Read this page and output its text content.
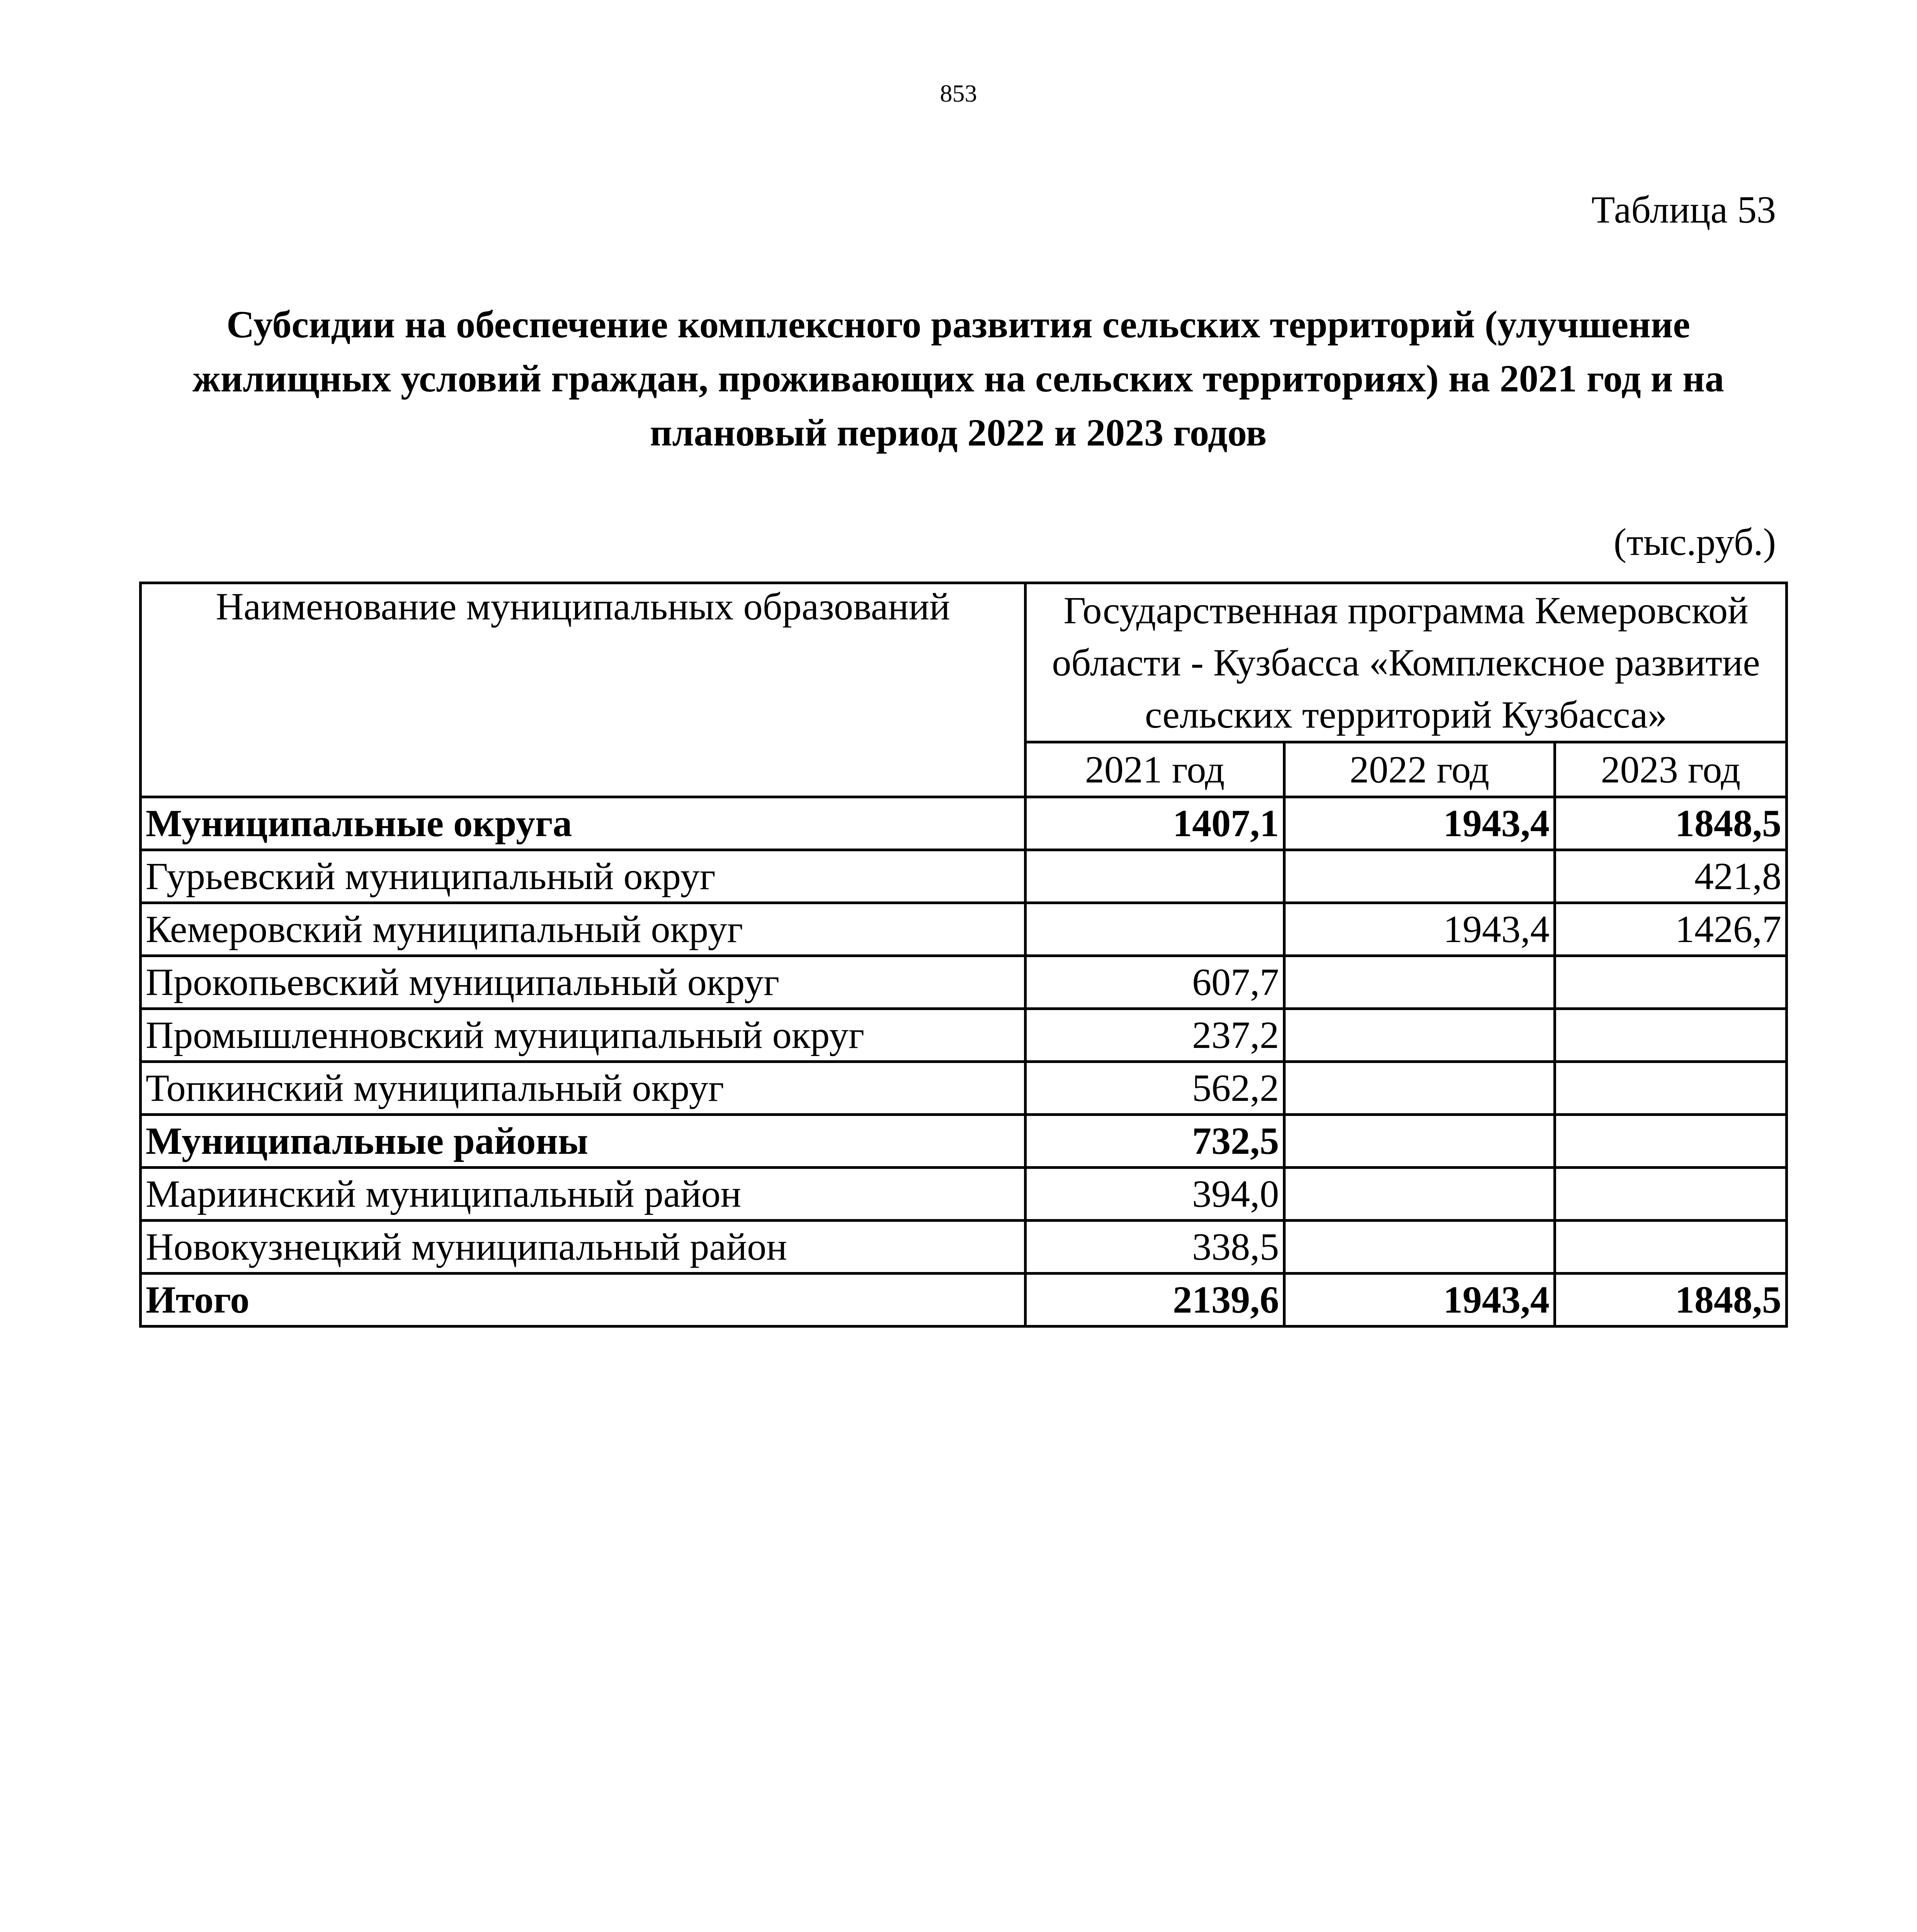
853
Таблица 53
Субсидии на обеспечение комплексного развития сельских территорий (улучшение жилищных условий граждан, проживающих на сельских территориях) на 2021 год и на плановый период 2022 и 2023 годов
(тыс.руб.)
Наименование муниципальных образований	Государственная программа Кемеровской области - Кузбасса «Комплексное развитие сельских территорий Кузбасса»		
	2021 год	2022 год	2023 год
Муниципальные округа	1407,1	1943,4	1848,5
Гурьевский муниципальный округ			421,8
Кемеровский муниципальный округ		1943,4	1426,7
Прокопьевский муниципальный округ	607,7		
Промышленновский муниципальный округ	237,2		
Топкинский муниципальный округ	562,2		
Муниципальные районы	732,5		
Мариинский муниципальный район	394,0		
Новокузнецкий муниципальный район	338,5		
Итого	2139,6	1943,4	1848,5
